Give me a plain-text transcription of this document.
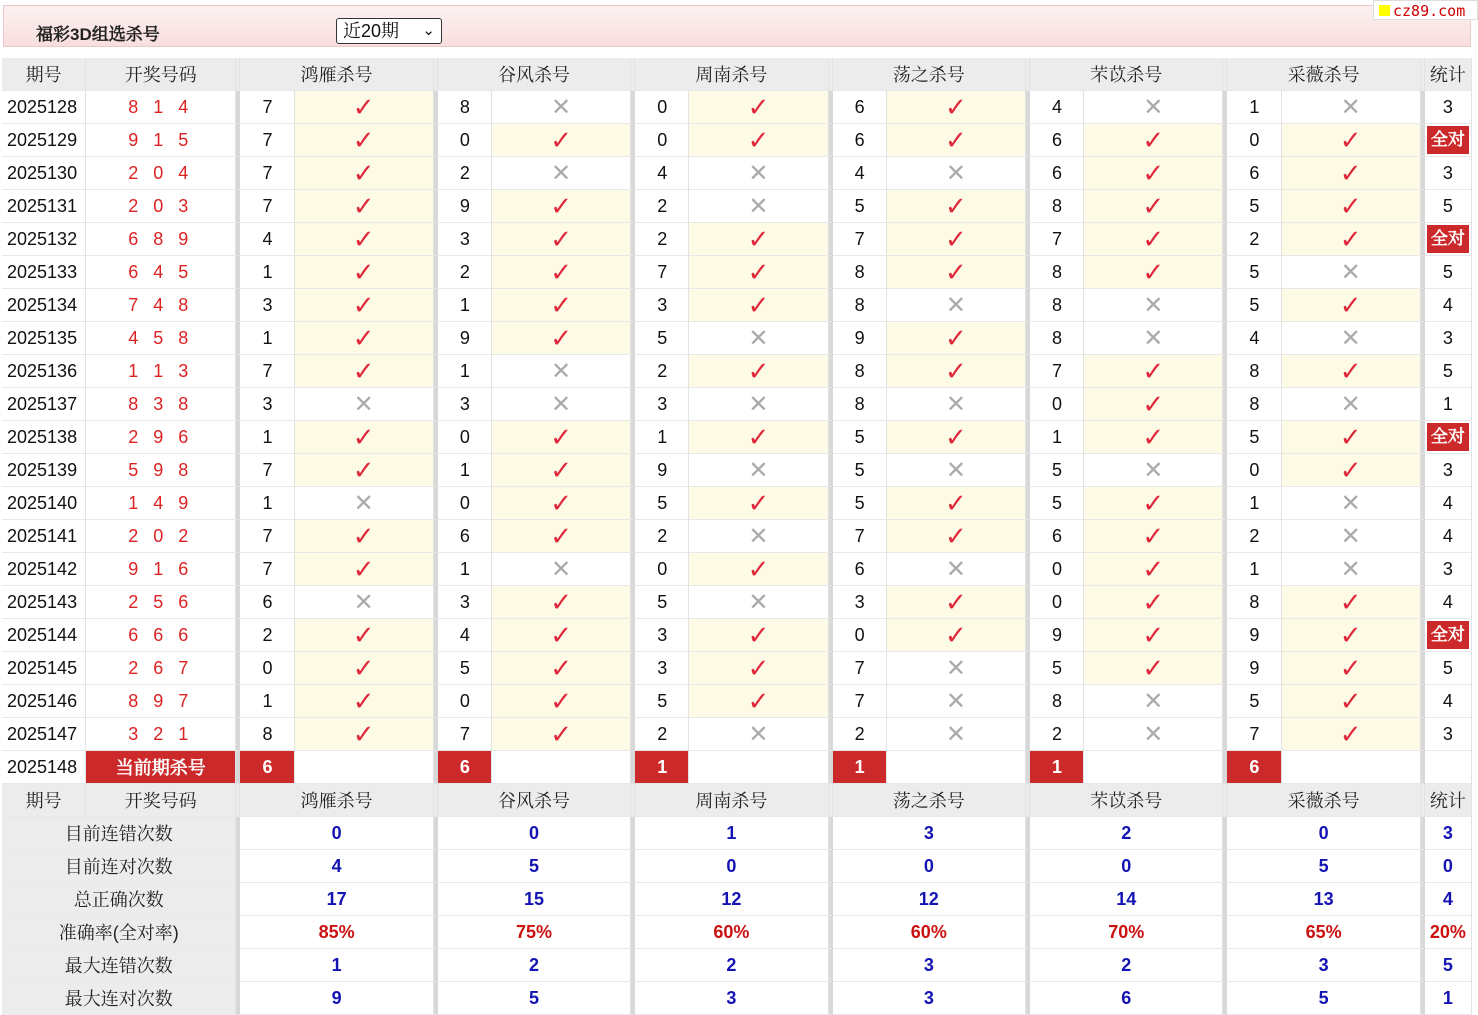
福彩3D组选杀号	近20期 ⌄
cz89.com
期号	开奖号码		鸿雁杀号			谷风杀号			周南杀号			荡之杀号			芣苡杀号			采薇杀号			统计
2025128	8 1 4		7	✓		8	✕		0	✓		6	✓		4	✕		1	✕		3
2025129	9 1 5		7	✓		0	✓		0	✓		6	✓		6	✓		0	✓		全对
2025130	2 0 4		7	✓		2	✕		4	✕		4	✕		6	✓		6	✓		3
2025131	2 0 3		7	✓		9	✓		2	✕		5	✓		8	✓		5	✓		5
2025132	6 8 9		4	✓		3	✓		2	✓		7	✓		7	✓		2	✓		全对
2025133	6 4 5		1	✓		2	✓		7	✓		8	✓		8	✓		5	✕		5
2025134	7 4 8		3	✓		1	✓		3	✓		8	✕		8	✕		5	✓		4
2025135	4 5 8		1	✓		9	✓		5	✕		9	✓		8	✕		4	✕		3
2025136	1 1 3		7	✓		1	✕		2	✓		8	✓		7	✓		8	✓		5
2025137	8 3 8		3	✕		3	✕		3	✕		8	✕		0	✓		8	✕		1
2025138	2 9 6		1	✓		0	✓		1	✓		5	✓		1	✓		5	✓		全对
2025139	5 9 8		7	✓		1	✓		9	✕		5	✕		5	✕		0	✓		3
2025140	1 4 9		1	✕		0	✓		5	✓		5	✓		5	✓		1	✕		4
2025141	2 0 2		7	✓		6	✓		2	✕		7	✓		6	✓		2	✕		4
2025142	9 1 6		7	✓		1	✕		0	✓		6	✕		0	✓		1	✕		3
2025143	2 5 6		6	✕		3	✓		5	✕		3	✓		0	✓		8	✓		4
2025144	6 6 6		2	✓		4	✓		3	✓		0	✓		9	✓		9	✓		全对
2025145	2 6 7		0	✓		5	✓		3	✓		7	✕		5	✓		9	✓		5
2025146	8 9 7		1	✓		0	✓		5	✓		7	✕		8	✕		5	✓		4
2025147	3 2 1		8	✓		7	✓		2	✕		2	✕		2	✕		7	✓		3
2025148	当前期杀号		6			6			1			1			1			6			
期号	开奖号码		鸿雁杀号			谷风杀号			周南杀号			荡之杀号			芣苡杀号			采薇杀号			统计
目前连错次数			0			0			1			3			2			0			3
目前连对次数			4			5			0			0			0			5			0
总正确次数			17			15			12			12			14			13			4
准确率(全对率)			85%			75%			60%			60%			70%			65%			20%
最大连错次数			1			2			2			3			2			3			5
最大连对次数			9			5			3			3			6			5			1
